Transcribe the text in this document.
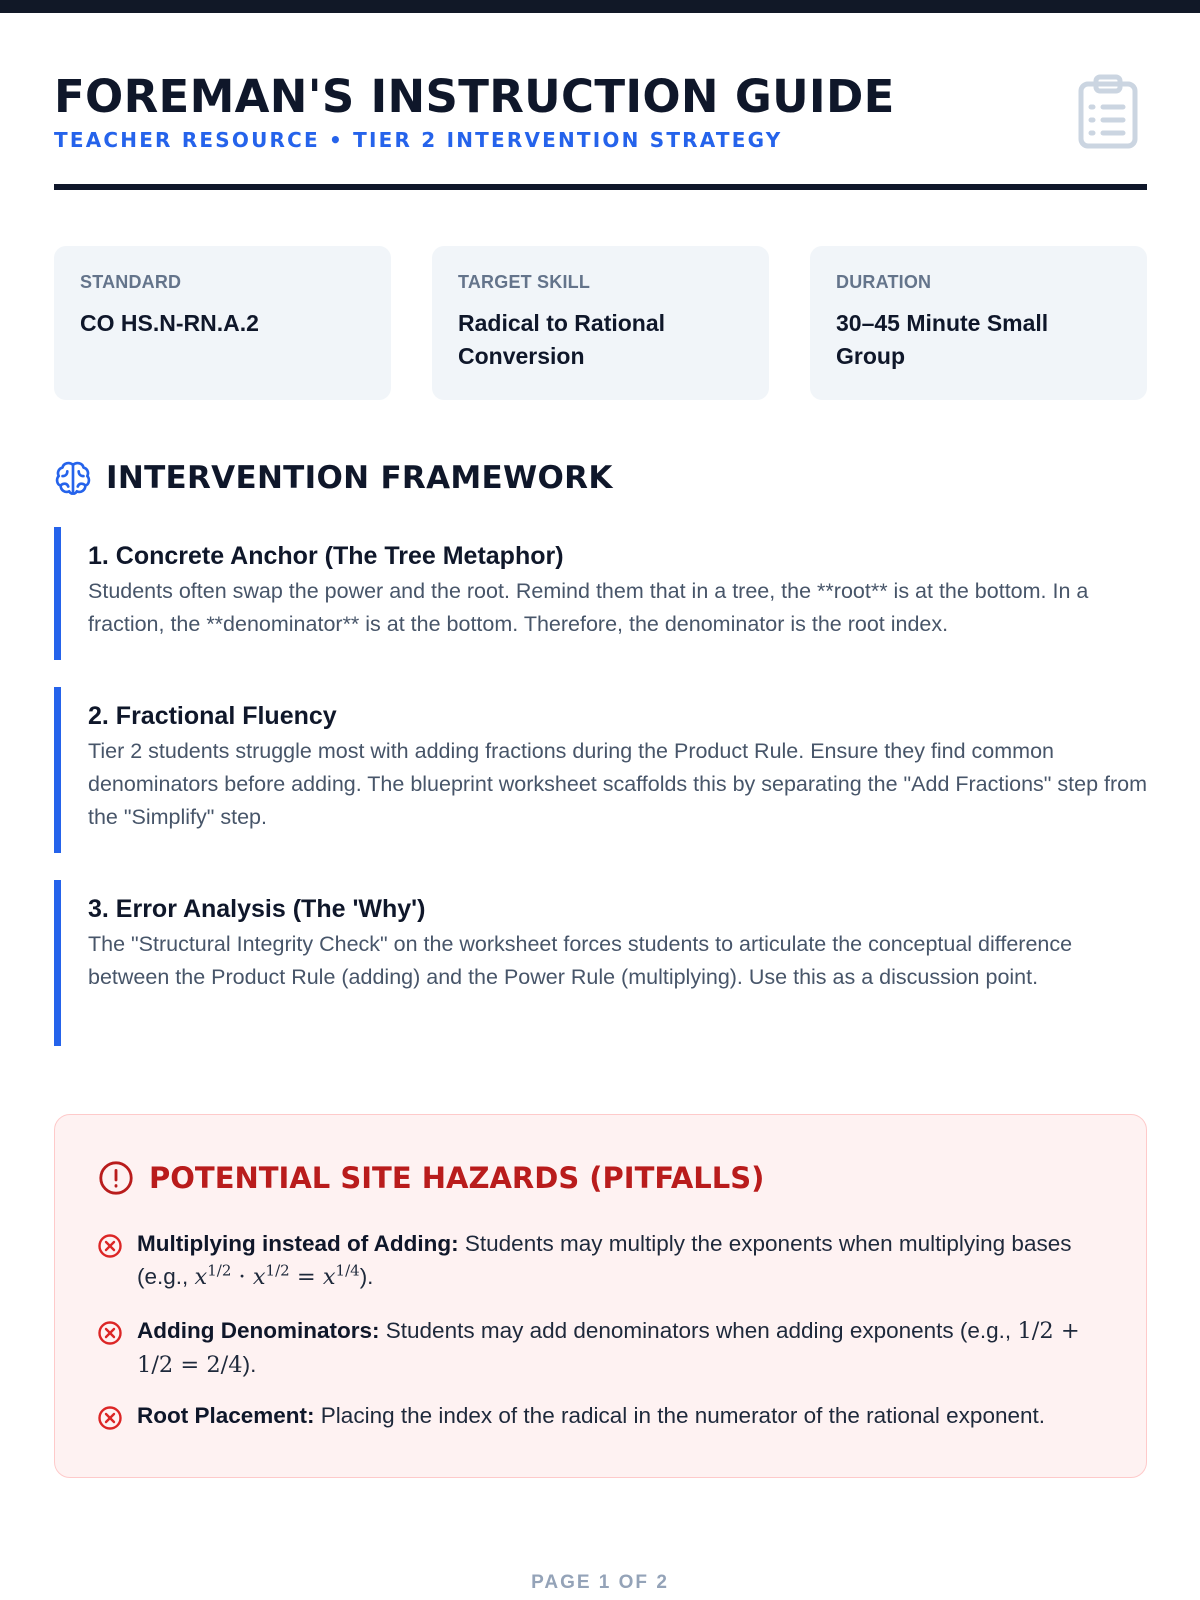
FOREMAN'S INSTRUCTION GUIDE
TEACHER RESOURCE • TIER 2 INTERVENTION STRATEGY
STANDARD
CO HS.N-RN.A.2
TARGET SKILL
Radical to Rational Conversion
DURATION
30–45 Minute Small Group
INTERVENTION FRAMEWORK
1. Concrete Anchor (The Tree Metaphor)
Students often swap the power and the root. Remind them that in a tree, the **root** is at the bottom. In a fraction, the **denominator** is at the bottom. Therefore, the denominator is the root index.
2. Fractional Fluency
Tier 2 students struggle most with adding fractions during the Product Rule. Ensure they find common denominators before adding. The blueprint worksheet scaffolds this by separating the "Add Fractions" step from the "Simplify" step.
3. Error Analysis (The 'Why')
The "Structural Integrity Check" on the worksheet forces students to articulate the conceptual difference between the Product Rule (adding) and the Power Rule (multiplying). Use this as a discussion point.
POTENTIAL SITE HAZARDS (PITFALLS)
Multiplying instead of Adding: Students may multiply the exponents when multiplying bases (e.g., $x^{1/2} \cdot x^{1/2} = x^{1/4}$).
Adding Denominators: Students may add denominators when adding exponents (e.g., 1/2 + 1/2 = 2/4).
Root Placement: Placing the index of the radical in the numerator of the rational exponent.
PAGE 1 OF 2
